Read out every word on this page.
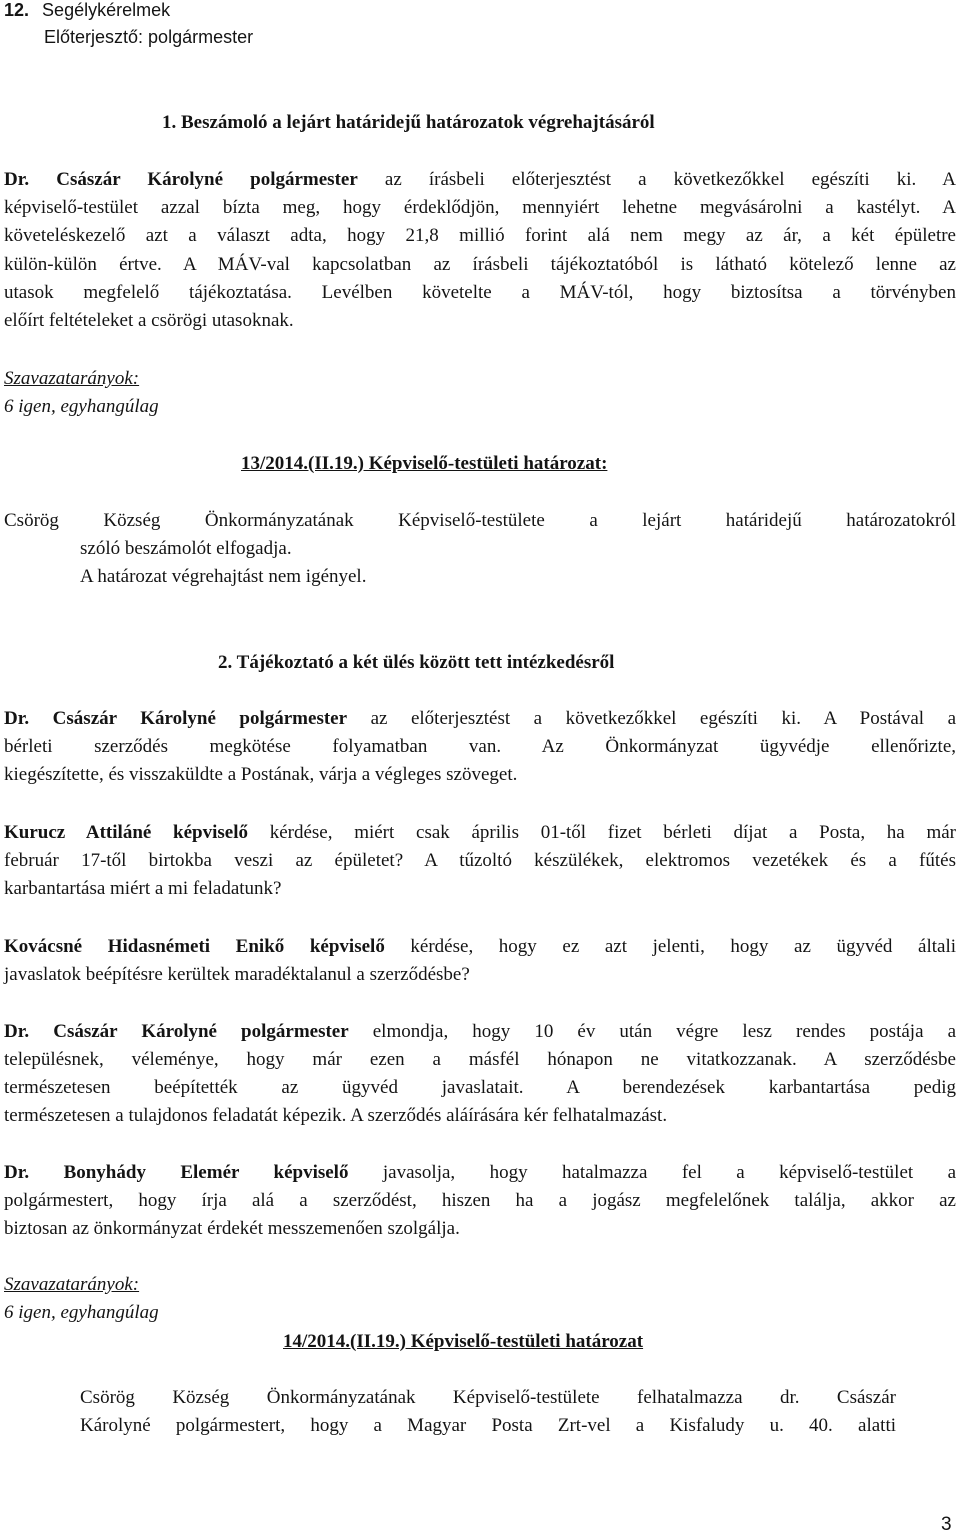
12. Segélykérelmek
Előterjesztő: polgármester
1. Beszámoló a lejárt határidejű határozatok végrehajtásáról
Dr. Császár Károlyné polgármester az írásbeli előterjesztést a következőkkel egészíti ki. A
képviselő-testület azzal bízta meg, hogy érdeklődjön, mennyiért lehetne megvásárolni a kastélyt. A
követeléskezelő azt a választ adta, hogy 21,8 millió forint alá nem megy az ár, a két épületre
külön-külön értve. A MÁV-val kapcsolatban az írásbeli tájékoztatóból is látható kötelező lenne az
utasok megfelelő tájékoztatása. Levélben követelte a MÁV-tól, hogy biztosítsa a törvényben
előírt feltételeket a csörögi utasoknak.
Szavazatarányok:
6 igen, egyhangúlag
13/2014.(II.19.) Képviselő-testületi határozat:
Csörög Község Önkormányzatának Képviselő-testülete a lejárt határidejű határozatokról
szóló beszámolót elfogadja.
A határozat végrehajtást nem igényel.
2. Tájékoztató a két ülés között tett intézkedésről
Dr. Császár Károlyné polgármester az előterjesztést a következőkkel egészíti ki. A Postával a
bérleti szerződés megkötése folyamatban van. Az Önkormányzat ügyvédje ellenőrizte,
kiegészítette, és visszaküldte a Postának, várja a végleges szöveget.
Kurucz Attiláné képviselő kérdése, miért csak április 01-től fizet bérleti díjat a Posta, ha már
február 17-től birtokba veszi az épületet? A tűzoltó készülékek, elektromos vezetékek és a fűtés
karbantartása miért a mi feladatunk?
Kovácsné Hidasnémeti Enikő képviselő kérdése, hogy ez azt jelenti, hogy az ügyvéd általi
javaslatok beépítésre kerültek maradéktalanul a szerződésbe?
Dr. Császár Károlyné polgármester elmondja, hogy 10 év után végre lesz rendes postája a
településnek, véleménye, hogy már ezen a másfél hónapon ne vitatkozzanak. A szerződésbe
természetesen beépítették az ügyvéd javaslatait. A berendezések karbantartása pedig
természetesen a tulajdonos feladatát képezik. A szerződés aláírására kér felhatalmazást.
Dr. Bonyhády Elemér képviselő javasolja, hogy hatalmazza fel a képviselő-testület a
polgármestert, hogy írja alá a szerződést, hiszen ha a jogász megfelelőnek találja, akkor az
biztosan az önkormányzat érdekét messzemenően szolgálja.
Szavazatarányok:
6 igen, egyhangúlag
14/2014.(II.19.) Képviselő-testületi határozat
Csörög Község Önkormányzatának Képviselő-testülete felhatalmazza dr. Császár
Károlyné polgármestert, hogy a Magyar Posta Zrt-vel a Kisfaludy u. 40. alatti
3
